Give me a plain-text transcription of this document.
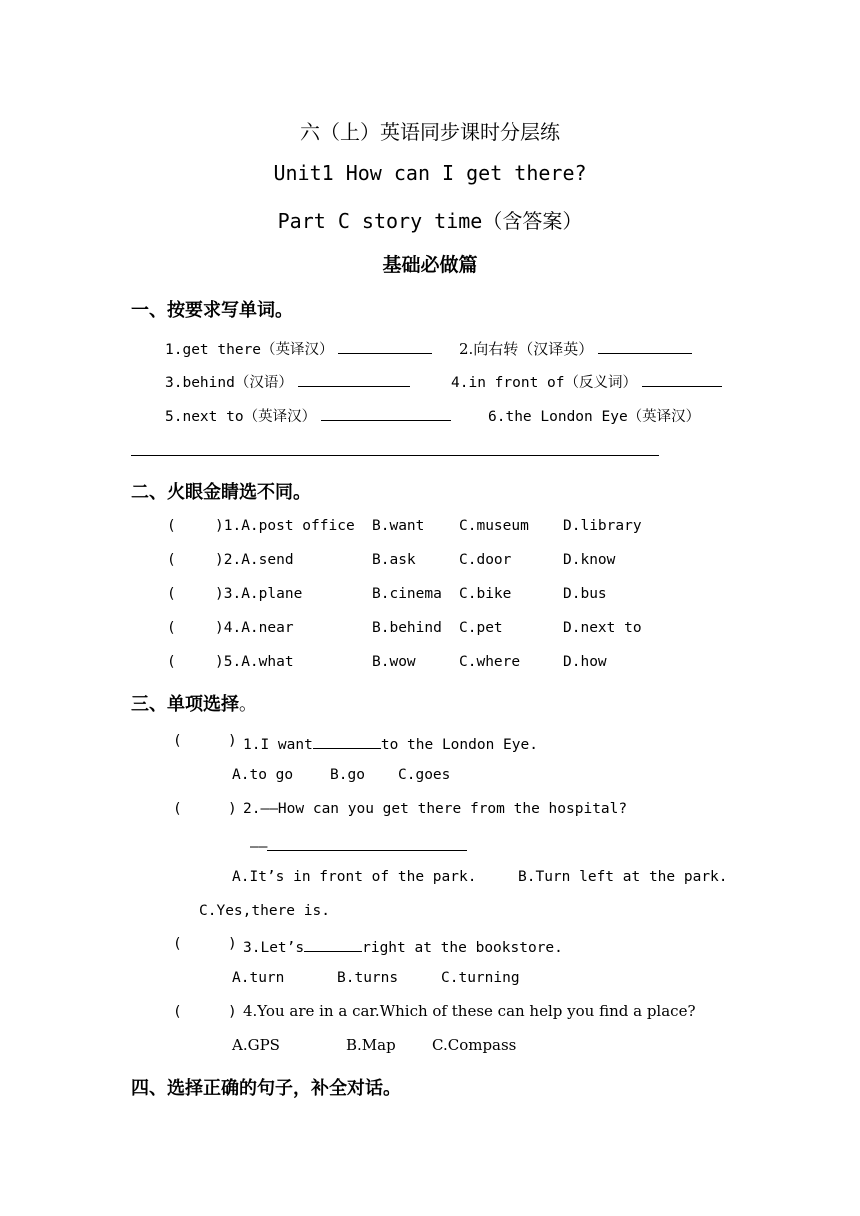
六（上）英语同步课时分层练
Unit1 How can I get there?
Part C story time（含答案）
基础必做篇
一、按要求写单词。
1.get there（英译汉）	2.向右转（汉译英）
3.behind（汉语）	4.in front of（反义词）
5.next to（英译汉）	6.the London Eye（英译汉）
二、火眼金睛选不同。
(	)1.A.post office B.want C.museum D.library
(	)2.A.send	B.ask	C.door	D.know
(	)3.A.plane	B.cinema C.bike	D.bus
(	)4.A.near	B.behind C.pet	D.next to
(	)5.A.what	B.wow	C.where	D.how
三、单项选择。
(	) 1.I want	to the London Eye.
A.to go	B.go C.goes
(	) 2.——How can you get there from the hospital?
——
A.It’s in front of the park.	B.Turn left at the park.
C.Yes,there is.
(	) 3.Let’s	right at the bookstore.
A.turn	B.turns	C.turning
(	) 4.You are in a car.Which of these can help you find a place?
A.GPS	B.Map C.Compass
四、选择正确的句子，补全对话。
